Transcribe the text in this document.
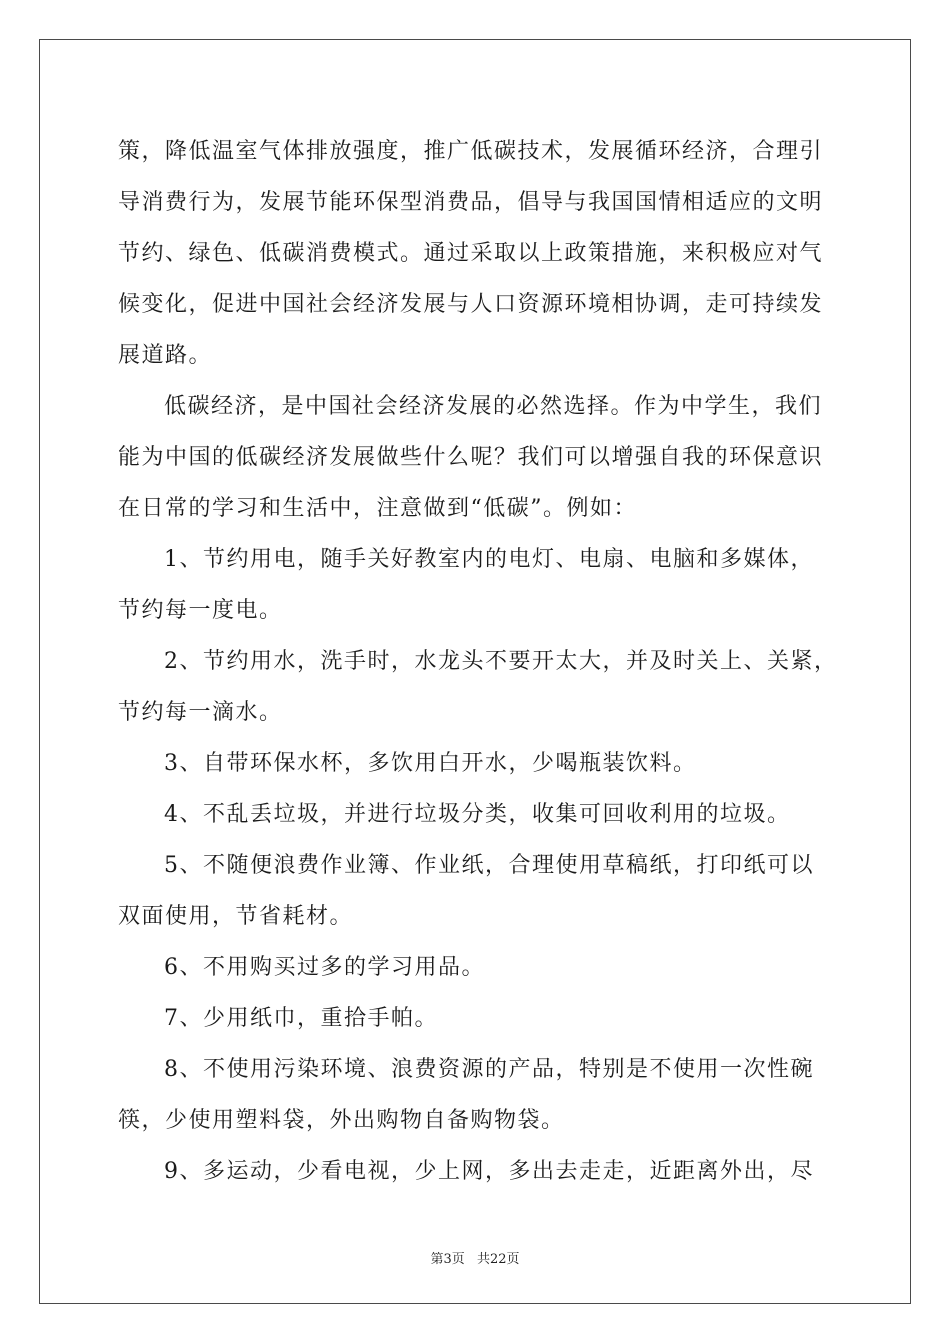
策，降低温室气体排放强度，推广低碳技术，发展循环经济，合理引
导消费行为，发展节能环保型消费品，倡导与我国国情相适应的文明
节约、绿色、低碳消费模式。通过采取以上政策措施，来积极应对气
候变化，促进中国社会经济发展与人口资源环境相协调，走可持续发
展道路。
低碳经济，是中国社会经济发展的必然选择。作为中学生，我们
能为中国的低碳经济发展做些什么呢？我们可以增强自我的环保意识
在日常的学习和生活中，注意做到“低碳”。例如：
1、节约用电，随手关好教室内的电灯、电扇、电脑和多媒体，
节约每一度电。
2、节约用水，洗手时，水龙头不要开太大，并及时关上、关紧，
节约每一滴水。
3、自带环保水杯，多饮用白开水，少喝瓶装饮料。
4、不乱丢垃圾，并进行垃圾分类，收集可回收利用的垃圾。
5、不随便浪费作业簿、作业纸，合理使用草稿纸，打印纸可以
双面使用，节省耗材。
6、不用购买过多的学习用品。
7、少用纸巾，重拾手帕。
8、不使用污染环境、浪费资源的产品，特别是不使用一次性碗
筷，少使用塑料袋，外出购物自备购物袋。
9、多运动，少看电视，少上网，多出去走走，近距离外出，尽
第3页 共22页
